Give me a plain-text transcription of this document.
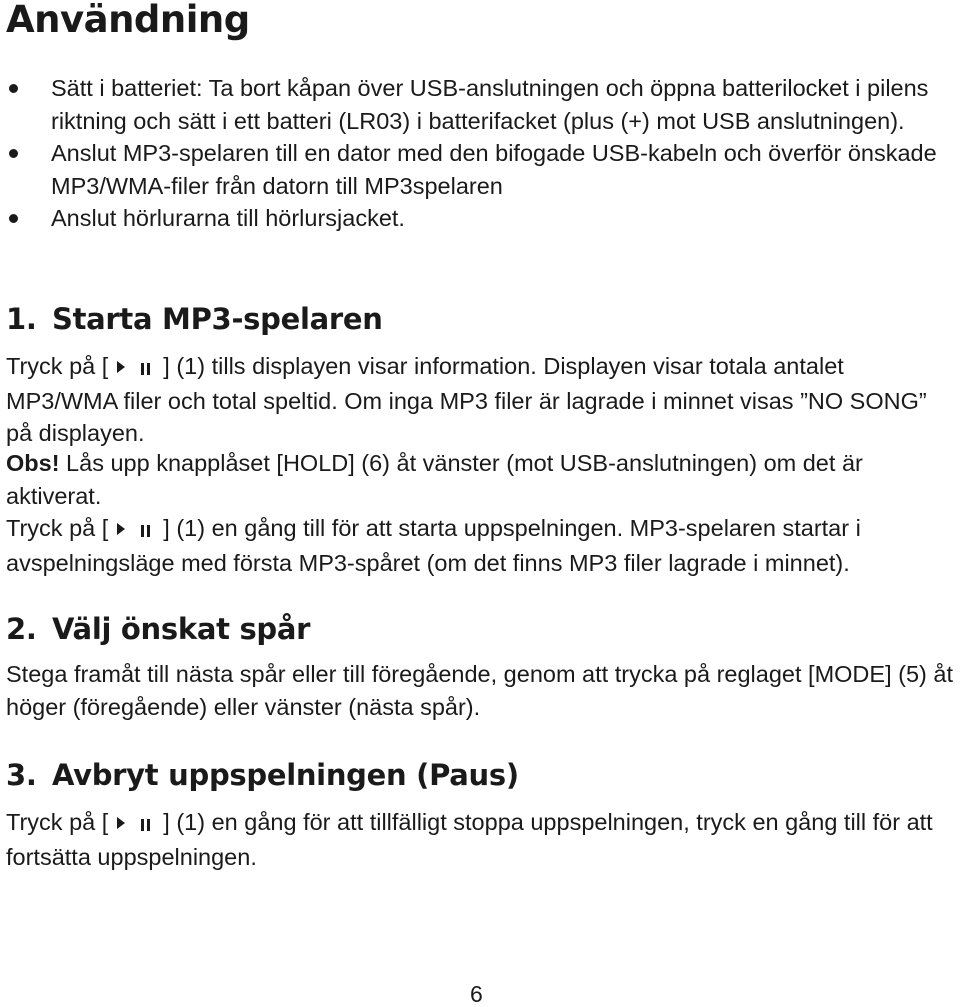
Användning
Sätt i batteriet: Ta bort kåpan över USB-anslutningen och öppna batterilocket i pilens riktning och sätt i ett batteri (LR03) i batterifacket (plus (+) mot USB anslutningen).
Anslut MP3-spelaren till en dator med den bifogade USB-kabeln och överför önskade MP3/WMA-filer från datorn till MP3spelaren
Anslut hörlurarna till hörlursjacket.
1. Starta MP3-spelaren

Tryck på [ ] (1) tills displayen visar information. Displayen visar totala antalet MP3/WMA filer och total speltid. Om inga MP3 filer är lagrade i minnet visas ”NO SONG” på displayen.

Obs! Lås upp knapplåset [HOLD] (6) åt vänster (mot USB-anslutningen) om det är aktiverat.

Tryck på [ ] (1) en gång till för att starta uppspelningen. MP3-spelaren startar i avspelningsläge med första MP3-spåret (om det finns MP3 filer lagrade i minnet).

2. Välj önskat spår

Stega framåt till nästa spår eller till föregående, genom att trycka på reglaget [MODE] (5) åt höger (föregående) eller vänster (nästa spår).

3. Avbryt uppspelningen (Paus)

Tryck på [ ] (1) en gång för att tillfälligt stoppa uppspelningen, tryck en gång till för att fortsätta uppspelningen.

6
